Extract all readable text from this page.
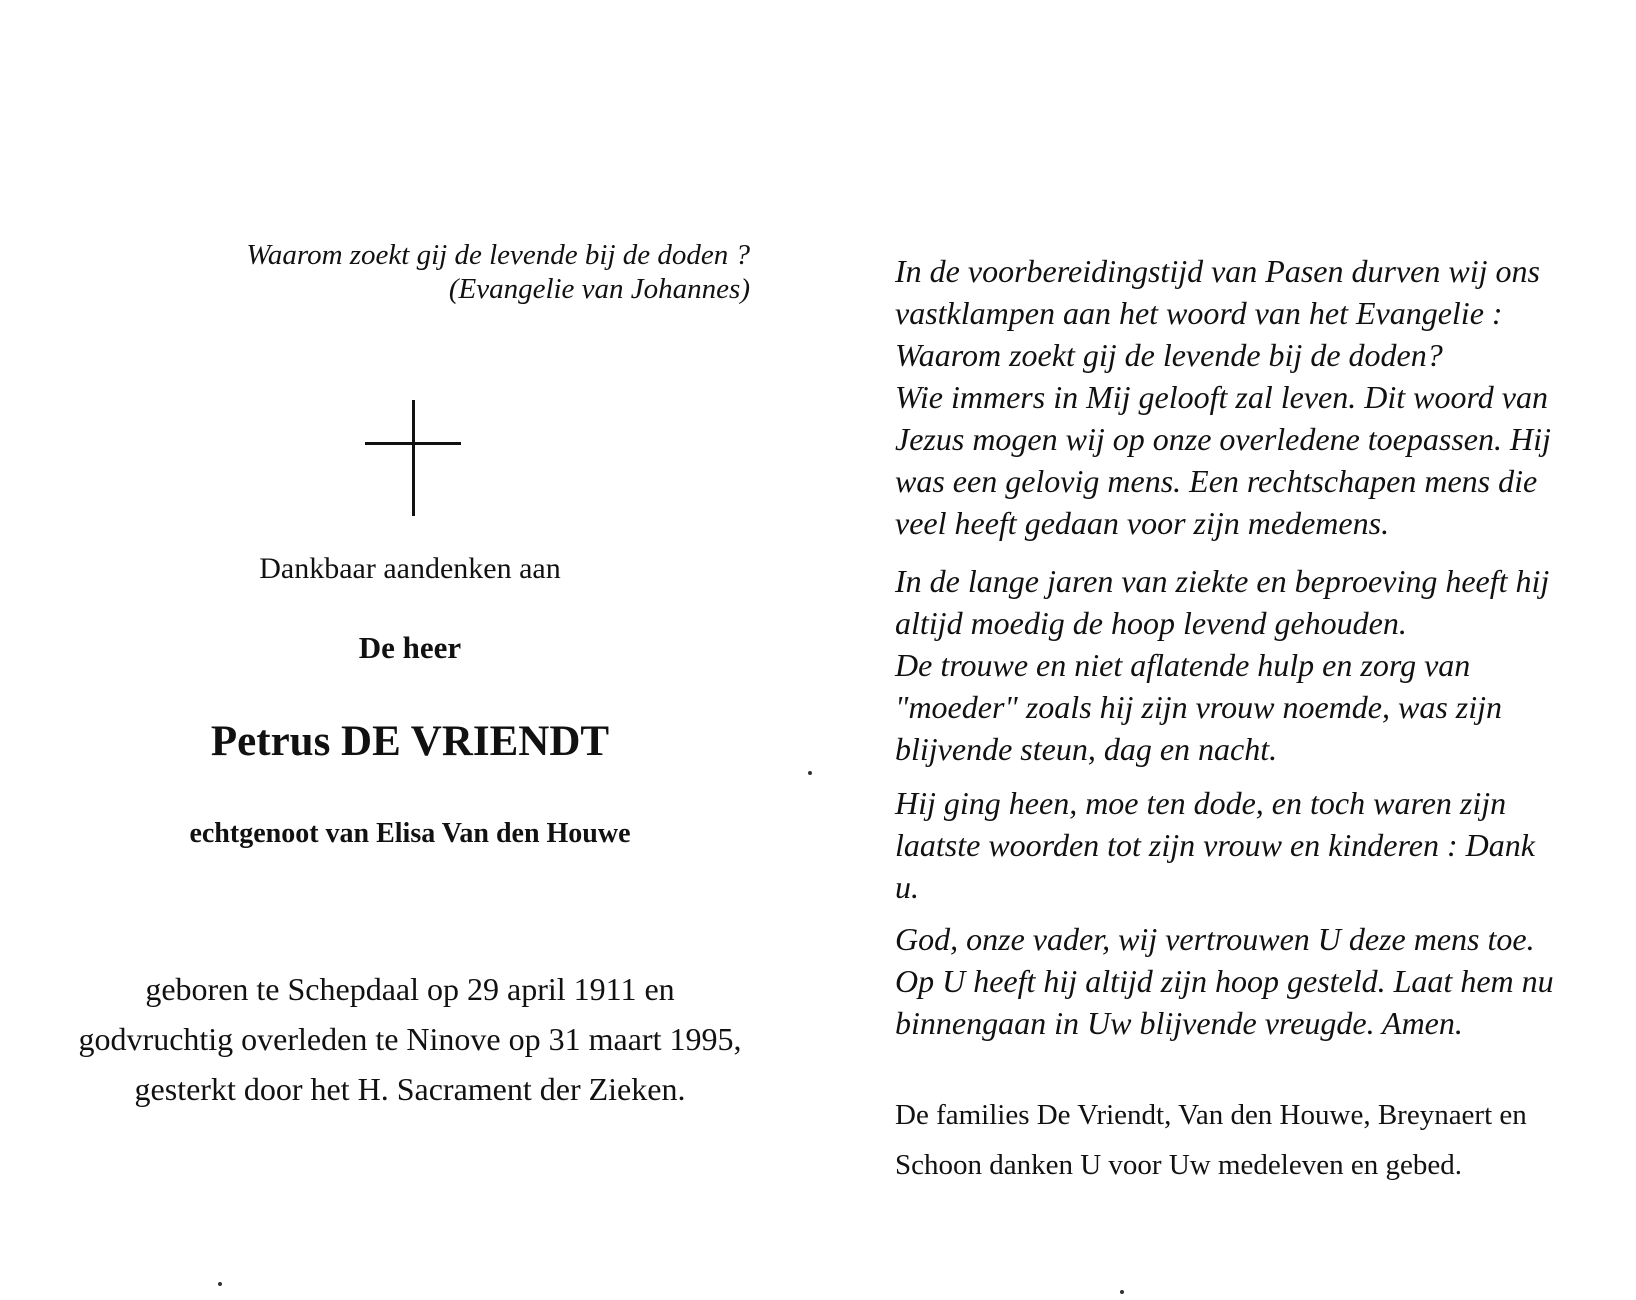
Waarom zoekt gij de levende bij de doden ?
(Evangelie van Johannes)
Dankbaar aandenken aan
De heer
Petrus DE VRIENDT
echtgenoot van Elisa Van den Houwe
geboren te Schepdaal op 29 april 1911 en
godvruchtig overleden te Ninove op 31 maart 1995,
gesterkt door het H. Sacrament der Zieken.
In de voorbereidingstijd van Pasen durven wij ons
vastklampen aan het woord van het Evangelie :
Waarom zoekt gij de levende bij de doden?
Wie immers in Mij gelooft zal leven. Dit woord van
Jezus mogen wij op onze overledene toepassen. Hij
was een gelovig mens. Een rechtschapen mens die
veel heeft gedaan voor zijn medemens.
In de lange jaren van ziekte en beproeving heeft hij
altijd moedig de hoop levend gehouden.
De trouwe en niet aflatende hulp en zorg van
"moeder" zoals hij zijn vrouw noemde, was zijn
blijvende steun, dag en nacht.
Hij ging heen, moe ten dode, en toch waren zijn
laatste woorden tot zijn vrouw en kinderen : Dank
u.
God, onze vader, wij vertrouwen U deze mens toe.
Op U heeft hij altijd zijn hoop gesteld. Laat hem nu
binnengaan in Uw blijvende vreugde. Amen.
De families De Vriendt, Van den Houwe, Breynaert en
Schoon danken U voor Uw medeleven en gebed.
